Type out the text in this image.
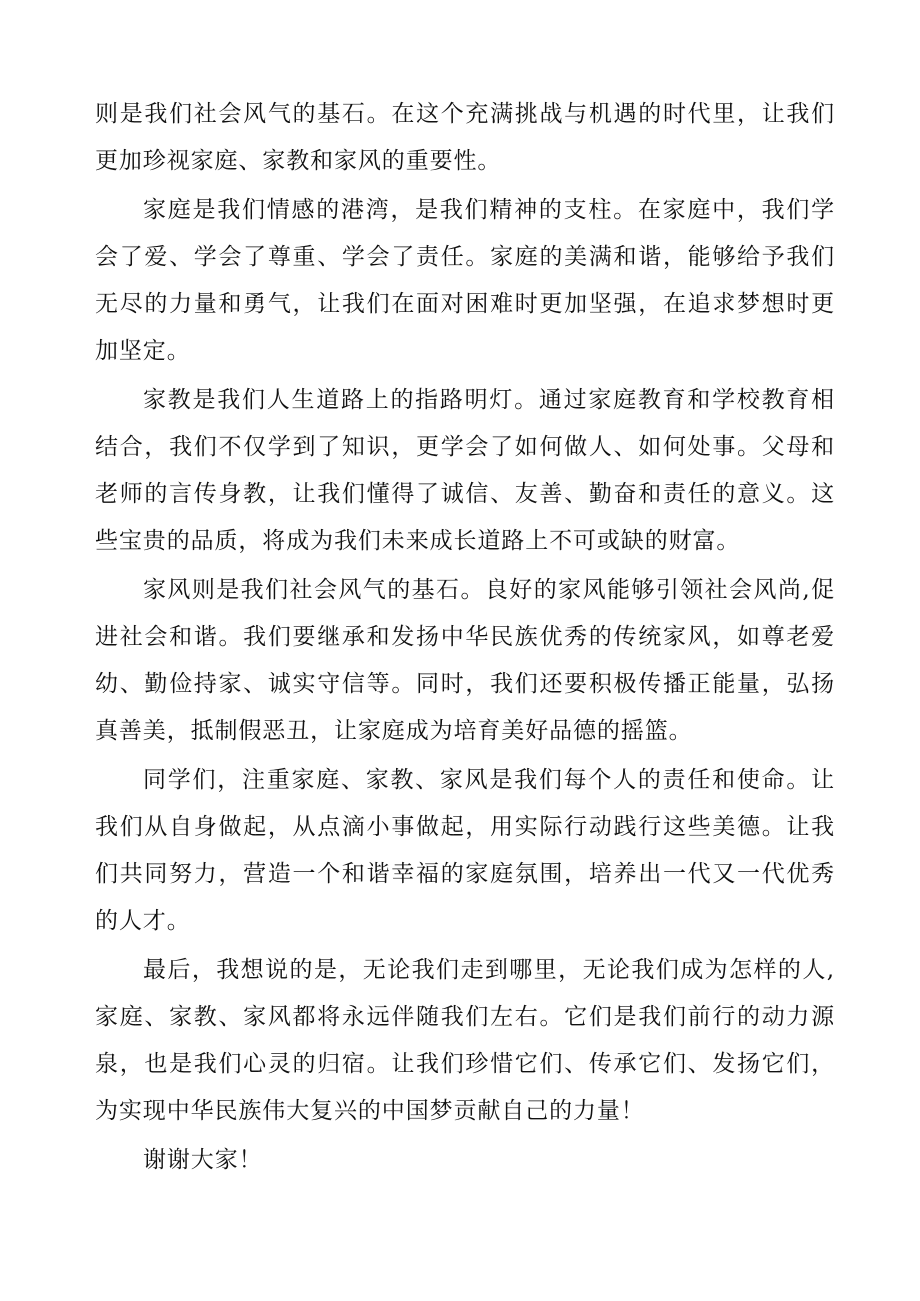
则是我们社会风气的基石。在这个充满挑战与机遇的时代里，让我们更加珍视家庭、家教和家风的重要性。

家庭是我们情感的港湾，是我们精神的支柱。在家庭中，我们学会了爱、学会了尊重、学会了责任。家庭的美满和谐，能够给予我们无尽的力量和勇气，让我们在面对困难时更加坚强，在追求梦想时更加坚定。

家教是我们人生道路上的指路明灯。通过家庭教育和学校教育相结合，我们不仅学到了知识，更学会了如何做人、如何处事。父母和老师的言传身教，让我们懂得了诚信、友善、勤奋和责任的意义。这些宝贵的品质，将成为我们未来成长道路上不可或缺的财富。

家风则是我们社会风气的基石。良好的家风能够引领社会风尚,促进社会和谐。我们要继承和发扬中华民族优秀的传统家风，如尊老爱幼、勤俭持家、诚实守信等。同时，我们还要积极传播正能量，弘扬真善美，抵制假恶丑，让家庭成为培育美好品德的摇篮。

同学们，注重家庭、家教、家风是我们每个人的责任和使命。让我们从自身做起，从点滴小事做起，用实际行动践行这些美德。让我们共同努力，营造一个和谐幸福的家庭氛围，培养出一代又一代优秀的人才。

最后，我想说的是，无论我们走到哪里，无论我们成为怎样的人,家庭、家教、家风都将永远伴随我们左右。它们是我们前行的动力源泉，也是我们心灵的归宿。让我们珍惜它们、传承它们、发扬它们，为实现中华民族伟大复兴的中国梦贡献自己的力量！

谢谢大家！
